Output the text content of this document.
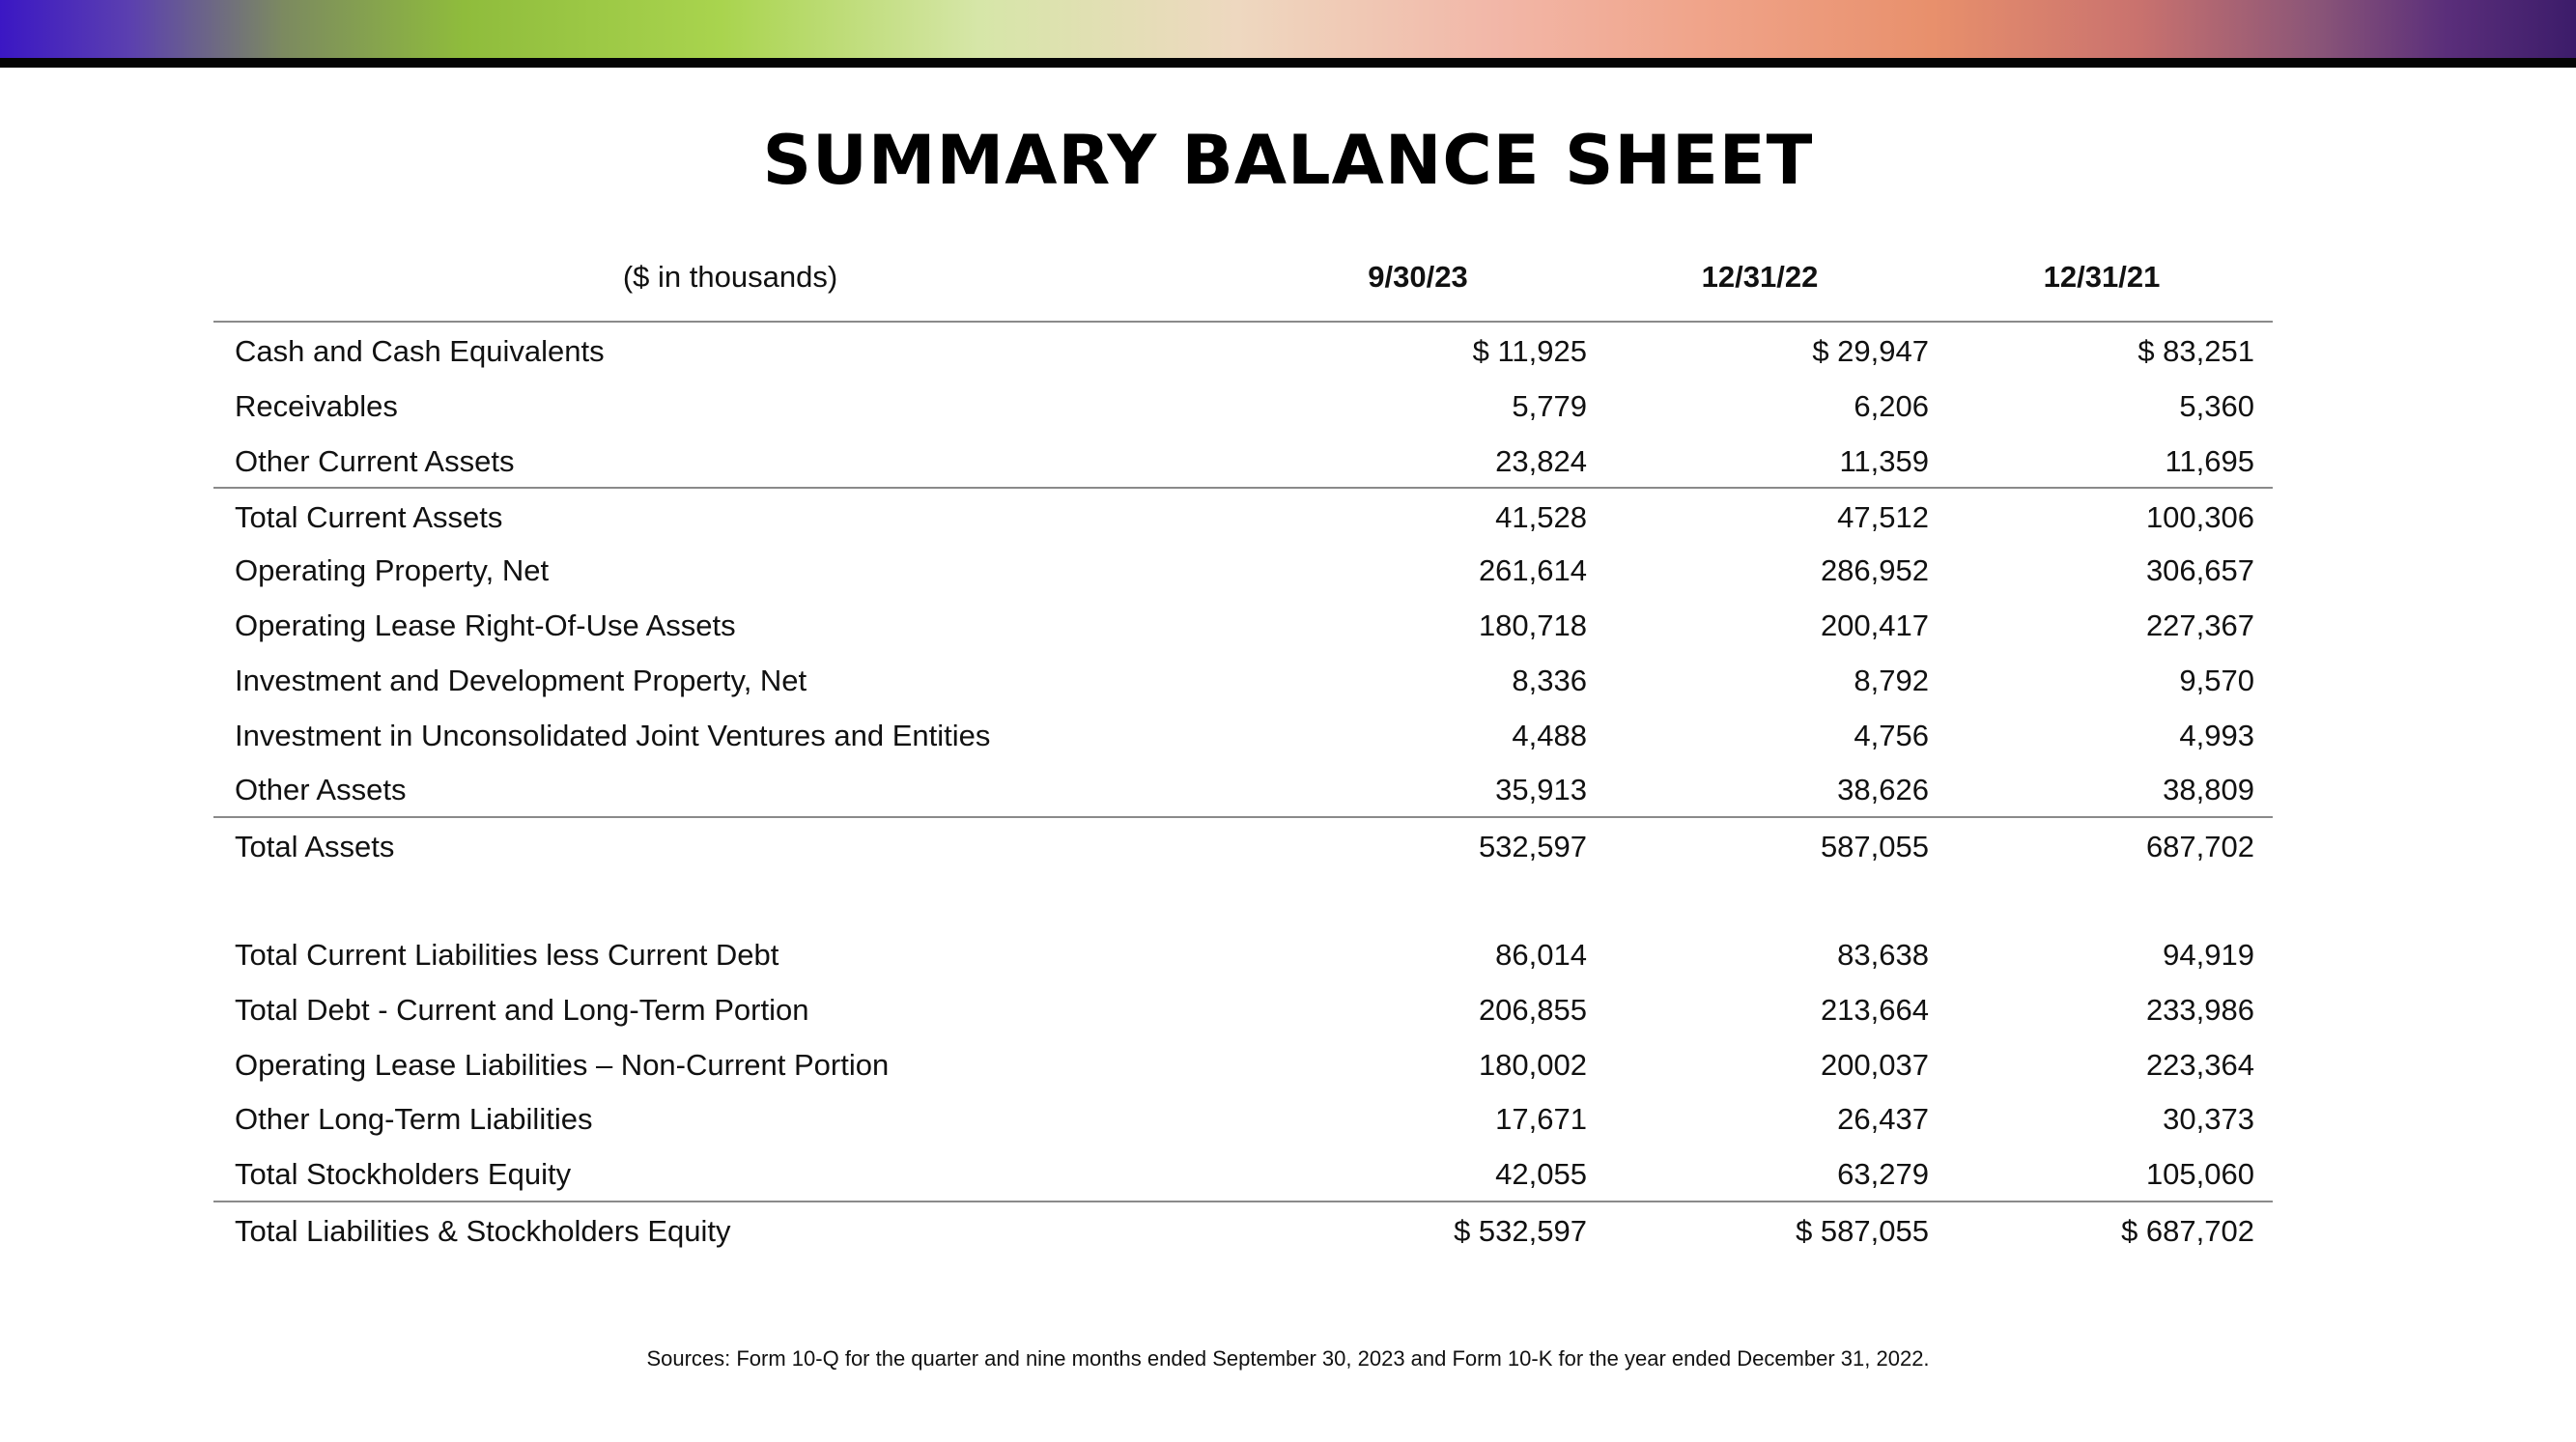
SUMMARY BALANCE SHEET
($ in thousands)	9/30/23	12/31/22	12/31/21
Cash and Cash Equivalents	$ 11,925	$ 29,947	$ 83,251
Receivables	5,779	6,206	5,360
Other Current Assets	23,824	11,359	11,695
Total Current Assets	41,528	47,512	100,306
Operating Property, Net	261,614	286,952	306,657
Operating Lease Right-Of-Use Assets	180,718	200,417	227,367
Investment and Development Property, Net	8,336	8,792	9,570
Investment in Unconsolidated Joint Ventures and Entities	4,488	4,756	4,993
Other Assets	35,913	38,626	38,809
Total Assets	532,597	587,055	687,702
Total Current Liabilities less Current Debt	86,014	83,638	94,919
Total Debt - Current and Long-Term Portion	206,855	213,664	233,986
Operating Lease Liabilities – Non-Current Portion	180,002	200,037	223,364
Other Long-Term Liabilities	17,671	26,437	30,373
Total Stockholders Equity	42,055	63,279	105,060
Total Liabilities & Stockholders Equity	$ 532,597	$ 587,055	$ 687,702
Sources: Form 10-Q for the quarter and nine months ended September 30, 2023 and Form 10-K for the year ended December 31, 2022.
